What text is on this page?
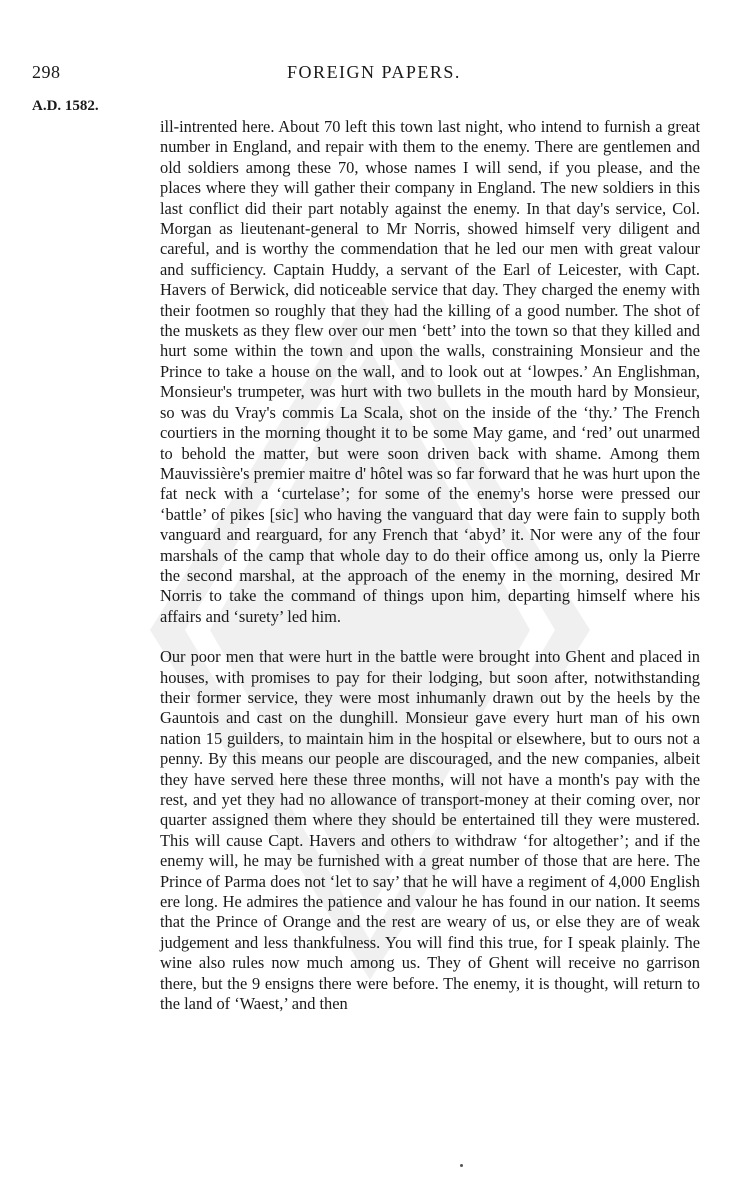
298	FOREIGN PAPERS.
A.D. 1582.

ill-intrented here. About 70 left this town last night, who intend to furnish a great number in England, and repair with them to the enemy. There are gentlemen and old soldiers among these 70, whose names I will send, if you please, and the places where they will gather their company in England. The new soldiers in this last conflict did their part notably against the enemy. In that day's service, Col. Morgan as lieutenant-general to Mr Norris, showed himself very diligent and careful, and is worthy the commendation that he led our men with great valour and sufficiency. Captain Huddy, a servant of the Earl of Leicester, with Capt. Havers of Berwick, did noticeable service that day. They charged the enemy with their footmen so roughly that they had the killing of a good number. The shot of the muskets as they flew over our men ‘bett’ into the town so that they killed and hurt some within the town and upon the walls, constraining Monsieur and the Prince to take a house on the wall, and to look out at ‘lowpes.’ An Englishman, Monsieur's trumpeter, was hurt with two bullets in the mouth hard by Monsieur, so was du Vray's commis La Scala, shot on the inside of the ‘thy.’ The French courtiers in the morning thought it to be some May game, and ‘red’ out unarmed to behold the matter, but were soon driven back with shame. Among them Mauvissière's premier maitre d' hôtel was so far forward that he was hurt upon the fat neck with a ‘curtelase’; for some of the enemy's horse were pressed our ‘battle’ of pikes [sic] who having the vanguard that day were fain to supply both vanguard and rearguard, for any French that ‘abyd’ it. Nor were any of the four marshals of the camp that whole day to do their office among us, only la Pierre the second marshal, at the approach of the enemy in the morning, desired Mr Norris to take the command of things upon him, departing himself where his affairs and ‘surety’ led him.

Our poor men that were hurt in the battle were brought into Ghent and placed in houses, with promises to pay for their lodging, but soon after, notwithstanding their former service, they were most inhumanly drawn out by the heels by the Gauntois and cast on the dunghill. Monsieur gave every hurt man of his own nation 15 guilders, to maintain him in the hospital or elsewhere, but to ours not a penny. By this means our people are discouraged, and the new companies, albeit they have served here these three months, will not have a month's pay with the rest, and yet they had no allowance of transport-money at their coming over, nor quarter assigned them where they should be entertained till they were mustered. This will cause Capt. Havers and others to withdraw ‘for altogether’; and if the enemy will, he may be furnished with a great number of those that are here. The Prince of Parma does not ‘let to say’ that he will have a regiment of 4,000 English ere long. He admires the patience and valour he has found in our nation. It seems that the Prince of Orange and the rest are weary of us, or else they are of weak judgement and less thankfulness. You will find this true, for I speak plainly. The wine also rules now much among us. They of Ghent will receive no garrison there, but the 9 ensigns there were before. The enemy, it is thought, will return to the land of ‘Waest,’ and then
